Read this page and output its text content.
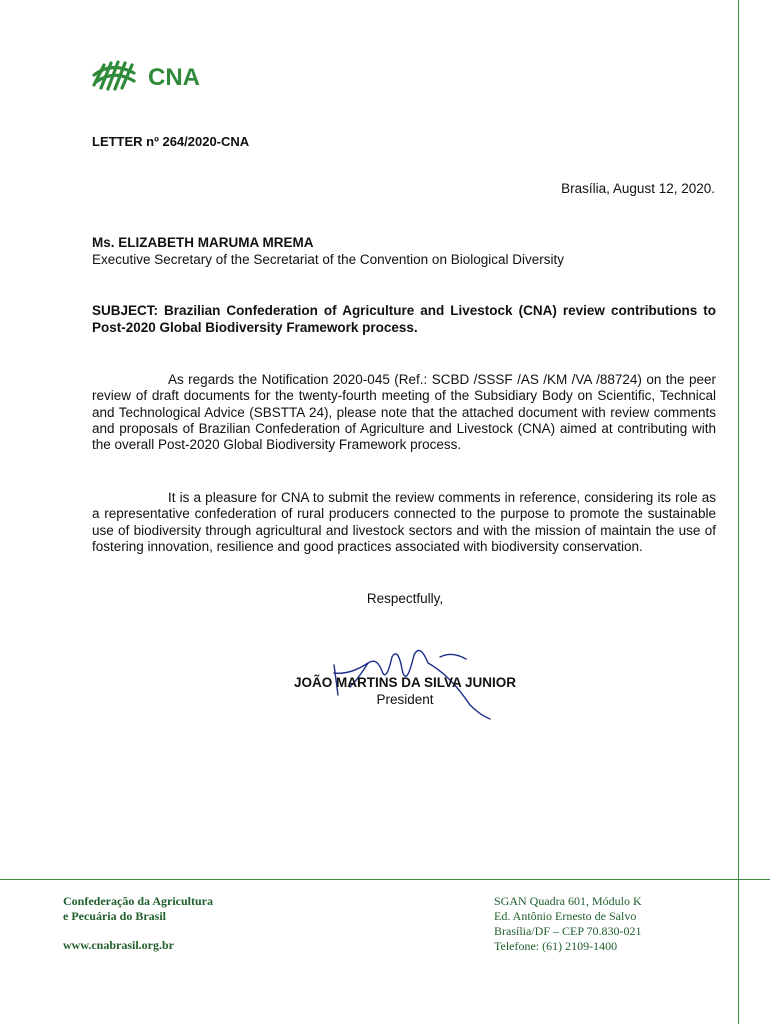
CNA
LETTER nº 264/2020-CNA
Brasília, August 12, 2020.
Ms. ELIZABETH MARUMA MREMA
Executive Secretary of the Secretariat of the Convention on Biological Diversity
SUBJECT: Brazilian Confederation of Agriculture and Livestock (CNA) review contributions to Post-2020 Global Biodiversity Framework process.
As regards the Notification 2020-045 (Ref.: SCBD /SSSF /AS /KM /VA /88724) on the peer review of draft documents for the twenty-fourth meeting of the Subsidiary Body on Scientific, Technical and Technological Advice (SBSTTA 24), please note that the attached document with review comments and proposals of Brazilian Confederation of Agriculture and Livestock (CNA) aimed at contributing with the overall Post-2020 Global Biodiversity Framework process.
It is a pleasure for CNA to submit the review comments in reference, considering its role as a representative confederation of rural producers connected to the purpose to promote the sustainable use of biodiversity through agricultural and livestock sectors and with the mission of maintain the use of fostering innovation, resilience and good practices associated with biodiversity conservation.
Respectfully,
JOÃO MARTINS DA SILVA JUNIOR
President
Confederação da Agricultura
e Pecuária do Brasil
www.cnabrasil.org.br
SGAN Quadra 601, Módulo K
Ed. Antônio Ernesto de Salvo
Brasília/DF – CEP 70.830-021
Telefone: (61) 2109-1400
